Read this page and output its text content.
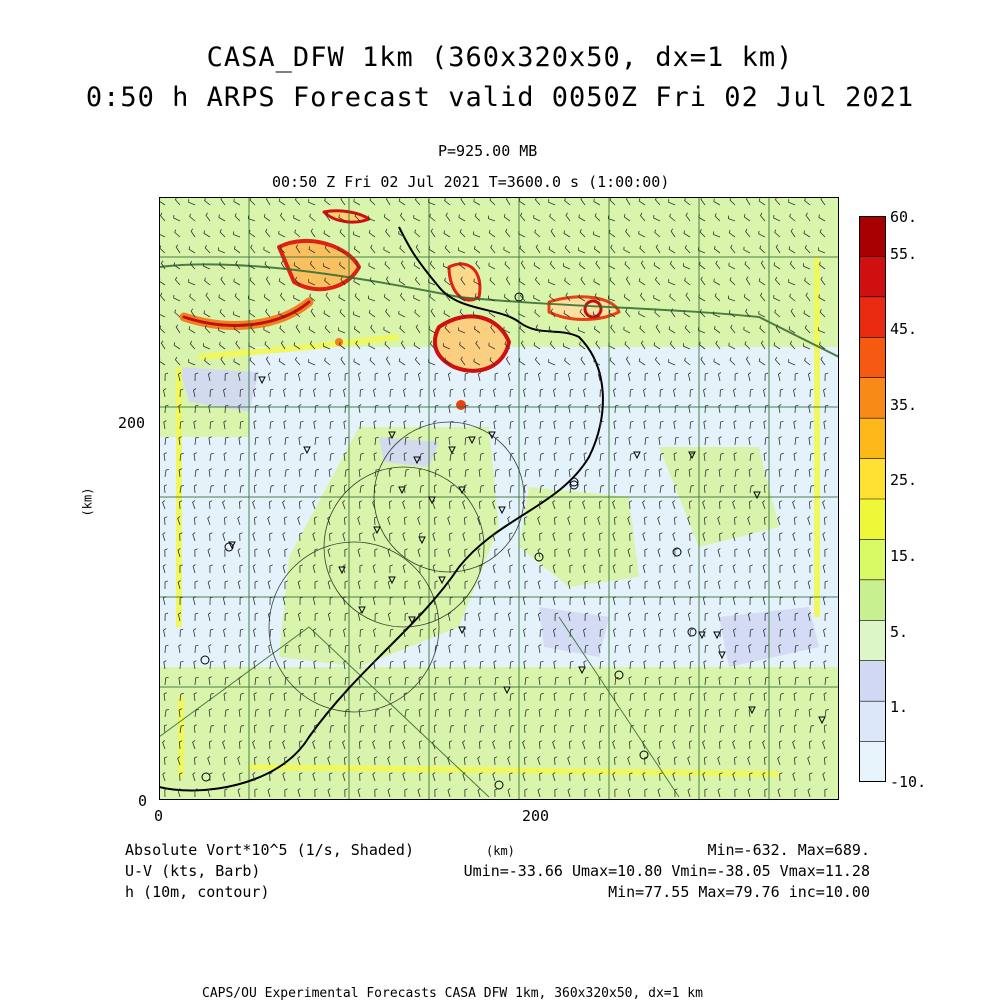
CASA_DFW 1km (360x320x50, dx=1 km)
0:50 h ARPS Forecast valid 0050Z Fri 02 Jul 2021
P=925.00 MB
00:50 Z Fri 02 Jul 2021 T=3600.0 s (1:00:00)
(km)
200
0
0	200
(km)
60.
55.
45.
35.
25.
15.
5.
1.
-10.
Absolute Vort*10^5 (1/s, Shaded)
U-V (kts, Barb)
h (10m, contour)
Min=-632. Max=689.
Umin=-33.66 Umax=10.80 Vmin=-38.05 Vmax=11.28
Min=77.55 Max=79.76 inc=10.00
CAPS/OU Experimental Forecasts CASA DFW 1km, 360x320x50, dx=1 km
